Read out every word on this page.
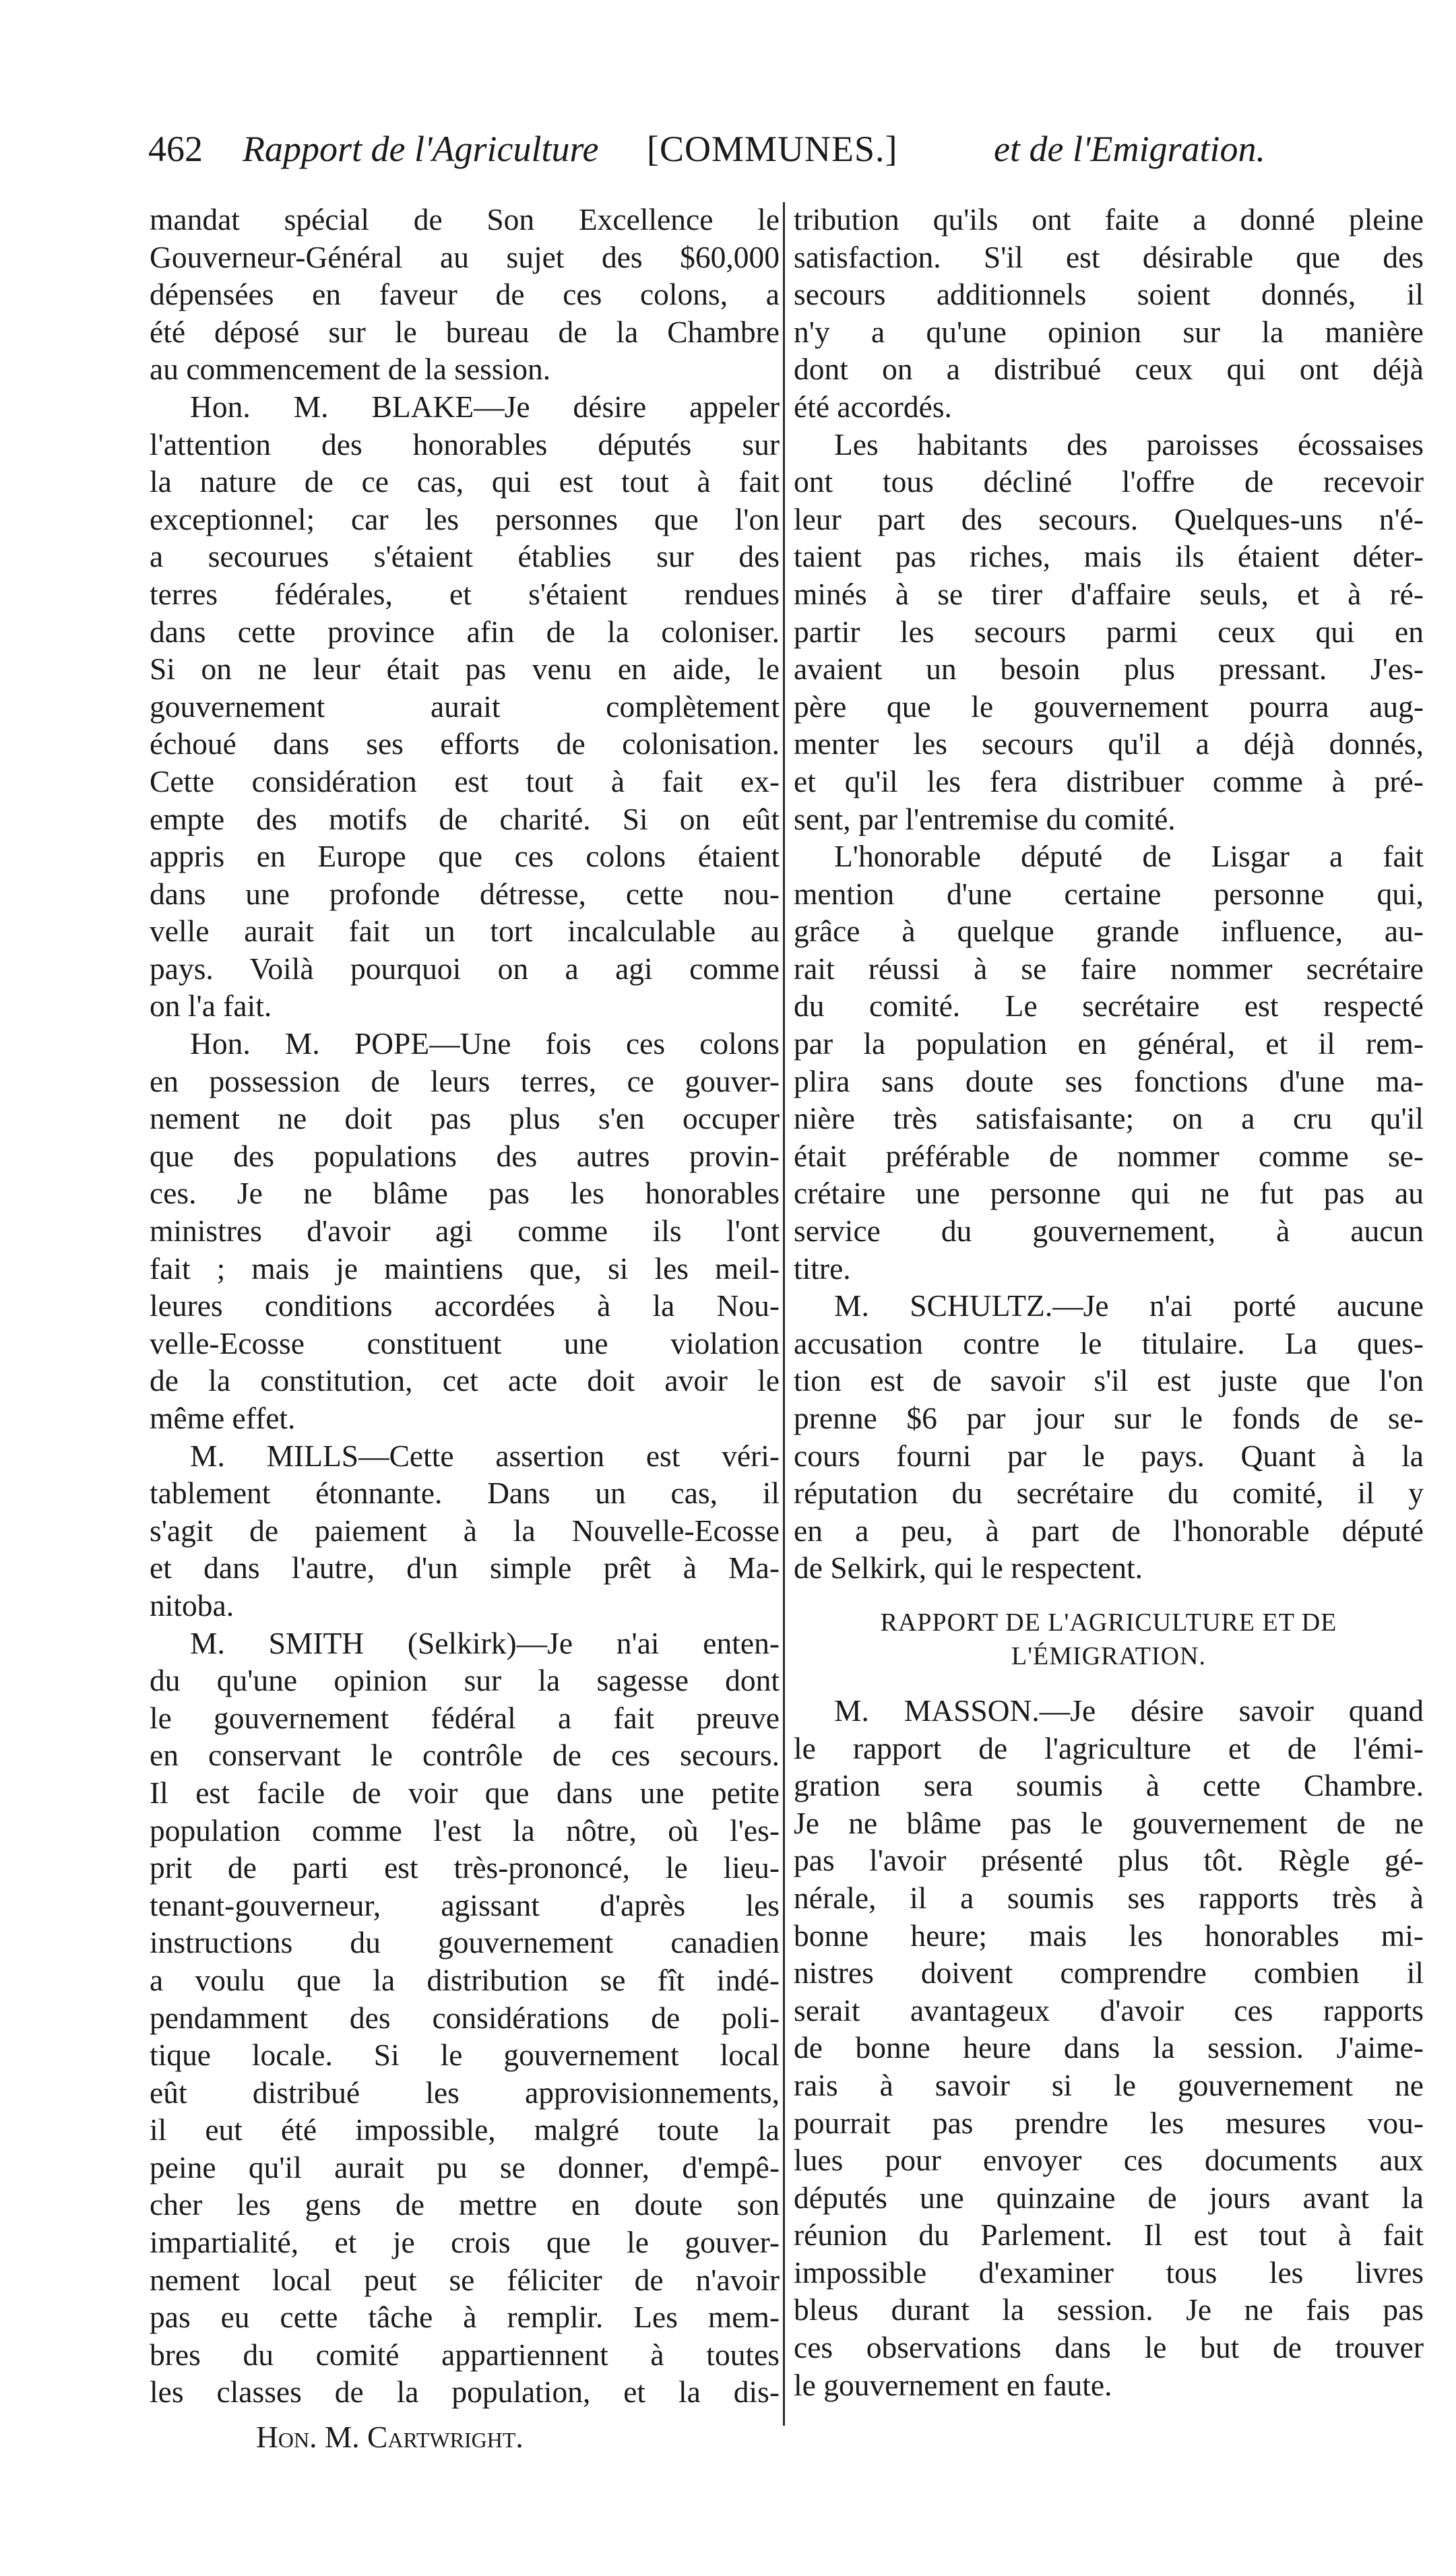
462 Rapport de l'Agriculture [COMMUNES.]	et de l'Emigration.
mandat spécial de Son Excellence le
Gouverneur-Général au sujet des $60,000
dépensées en faveur de ces colons, a
été déposé sur le bureau de la Chambre
au commencement de la session.
Hon. M. BLAKE—Je désire appeler
l'attention des honorables députés sur
la nature de ce cas, qui est tout à fait
exceptionnel; car les personnes que l'on
a secourues s'étaient établies sur des
terres fédérales, et s'étaient rendues
dans cette province afin de la coloniser.
Si on ne leur était pas venu en aide, le
gouvernement aurait complètement
échoué dans ses efforts de colonisation.
Cette considération est tout à fait ex-
empte des motifs de charité. Si on eût
appris en Europe que ces colons étaient
dans une profonde détresse, cette nou-
velle aurait fait un tort incalculable au
pays. Voilà pourquoi on a agi comme
on l'a fait.
Hon. M. POPE—Une fois ces colons
en possession de leurs terres, ce gouver-
nement ne doit pas plus s'en occuper
que des populations des autres provin-
ces. Je ne blâme pas les honorables
ministres d'avoir agi comme ils l'ont
fait ; mais je maintiens que, si les meil-
leures conditions accordées à la Nou-
velle-Ecosse constituent une violation
de la constitution, cet acte doit avoir le
même effet.
M. MILLS—Cette assertion est véri-
tablement étonnante. Dans un cas, il
s'agit de paiement à la Nouvelle-Ecosse
et dans l'autre, d'un simple prêt à Ma-
nitoba.
M. SMITH (Selkirk)—Je n'ai enten-
du qu'une opinion sur la sagesse dont
le gouvernement fédéral a fait preuve
en conservant le contrôle de ces secours.
Il est facile de voir que dans une petite
population comme l'est la nôtre, où l'es-
prit de parti est très-prononcé, le lieu-
tenant-gouverneur, agissant d'après les
instructions du gouvernement canadien
a voulu que la distribution se fît indé-
pendamment des considérations de poli-
tique locale. Si le gouvernement local
eût distribué les approvisionnements,
il eut été impossible, malgré toute la
peine qu'il aurait pu se donner, d'empê-
cher les gens de mettre en doute son
impartialité, et je crois que le gouver-
nement local peut se féliciter de n'avoir
pas eu cette tâche à remplir. Les mem-
bres du comité appartiennent à toutes
les classes de la population, et la dis-
tribution qu'ils ont faite a donné pleine
satisfaction. S'il est désirable que des
secours additionnels soient donnés, il
n'y a qu'une opinion sur la manière
dont on a distribué ceux qui ont déjà
été accordés.
Les habitants des paroisses écossaises
ont tous décliné l'offre de recevoir
leur part des secours. Quelques-uns n'é-
taient pas riches, mais ils étaient déter-
minés à se tirer d'affaire seuls, et à ré-
partir les secours parmi ceux qui en
avaient un besoin plus pressant. J'es-
père que le gouvernement pourra aug-
menter les secours qu'il a déjà donnés,
et qu'il les fera distribuer comme à pré-
sent, par l'entremise du comité.
L'honorable député de Lisgar a fait
mention d'une certaine personne qui,
grâce à quelque grande influence, au-
rait réussi à se faire nommer secrétaire
du comité. Le secrétaire est respecté
par la population en général, et il rem-
plira sans doute ses fonctions d'une ma-
nière très satisfaisante; on a cru qu'il
était préférable de nommer comme se-
crétaire une personne qui ne fut pas au
service du gouvernement, à aucun
titre.
M. SCHULTZ.—Je n'ai porté aucune
accusation contre le titulaire. La ques-
tion est de savoir s'il est juste que l'on
prenne $6 par jour sur le fonds de se-
cours fourni par le pays. Quant à la
réputation du secrétaire du comité, il y
en a peu, à part de l'honorable député
de Selkirk, qui le respectent.
RAPPORT DE L'AGRICULTURE ET DE
L'ÉMIGRATION.
M. MASSON.—Je désire savoir quand
le rapport de l'agriculture et de l'émi-
gration sera soumis à cette Chambre.
Je ne blâme pas le gouvernement de ne
pas l'avoir présenté plus tôt. Règle gé-
nérale, il a soumis ses rapports très à
bonne heure; mais les honorables mi-
nistres doivent comprendre combien il
serait avantageux d'avoir ces rapports
de bonne heure dans la session. J'aime-
rais à savoir si le gouvernement ne
pourrait pas prendre les mesures vou-
lues pour envoyer ces documents aux
députés une quinzaine de jours avant la
réunion du Parlement. Il est tout à fait
impossible d'examiner tous les livres
bleus durant la session. Je ne fais pas
ces observations dans le but de trouver
le gouvernement en faute.
Hon. M. Cartwright.
